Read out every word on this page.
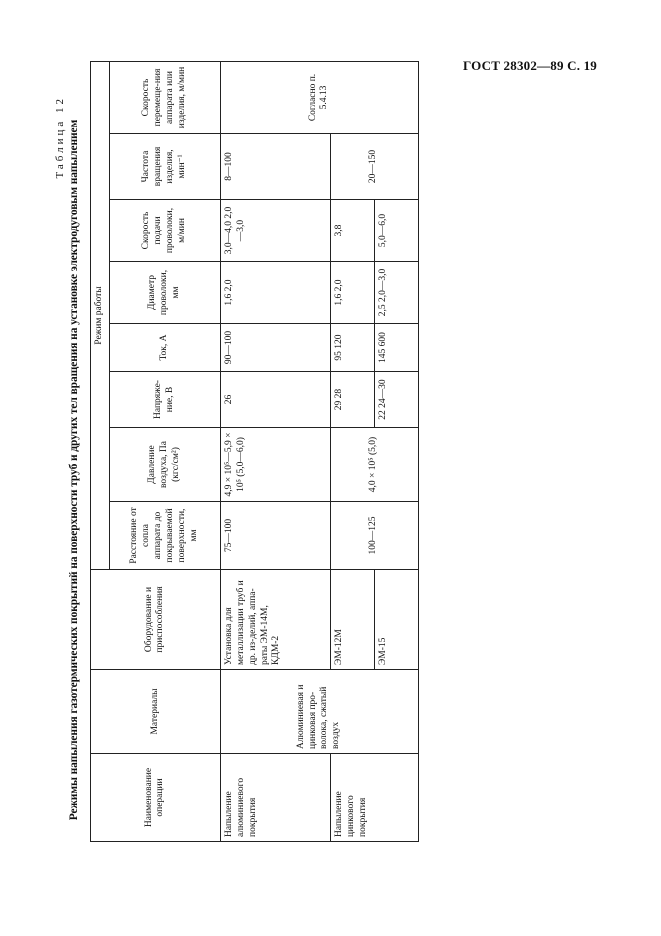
ГОСТ 28302—89 С. 19
Таблица 12 Режимы напыления газотермических покрытий на поверхности труб и других тел вращения на установке электродуговым напылением	Наименование операции	Материалы	Оборудование и приспособления	Режим работы							
			Расстояние от сопла аппарата до покрываемой поверхности, мм	Давление воздуха, Па (кгс/см²)	Напряже-ние, В	Ток, А	Диаметр проволоки, мм	Скорость подачи проволоки, м/мин	Частота вращения изделия, мин⁻¹	Скорость перемеще-ния аппарата или изделия, м/мин
Напыление алюминиевого покрытия	Алюминиевая и цинковая про-волока, сжатый воздух	Установка для металлизации труб и др. из-делий, аппа-раты ЭМ-14М, КДМ-2	75—100	4,9 × 10⁵—5,9 × 10⁵ (5,0—6,0)	26	90—100	1,6 2,0	3,0—4,0 2,0—3,0	8—100	Согласно п. 5.4.13
Напыление цинкового покрытия		ЭМ-12М	100—125	4,0 × 10⁵ (5,0)	29 28	95 120	1,6 2,0	3,8	20—150	
		ЭМ-15			22 24—30	145 600	2,5 2,0—3,0	5,0—6,0		
